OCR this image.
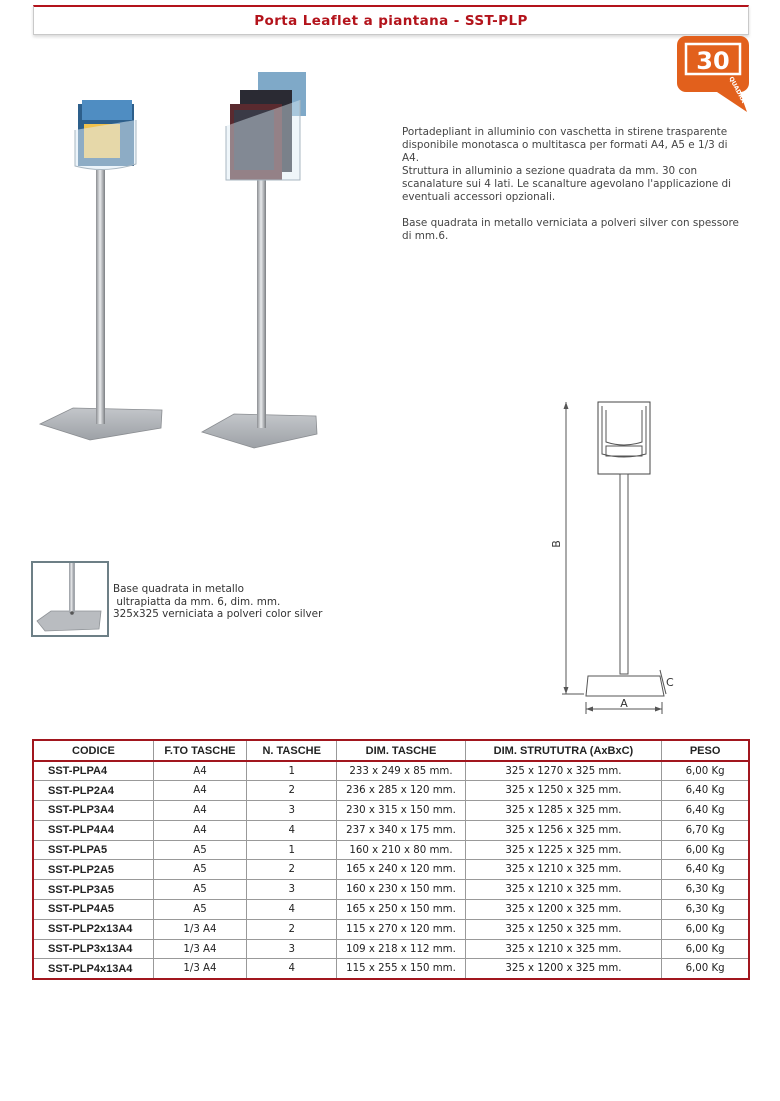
Porta Leaflet a piantana - SST-PLP
30
QUADRA

Portadepliant in alluminio con vaschetta in stirene trasparente
disponibile monotasca o multitasca per formati A4, A5 e 1/3 di
A4.
Struttura in alluminio a sezione quadrata da mm. 30 con
scanalature sui 4 lati. Le scanalture agevolano l'applicazione di
eventuali accessori opzionali.

Base quadrata in metallo verniciata a polveri silver con spessore
di mm.6.

B
A
C
Base quadrata in metallo
ultrapiatta da mm. 6, dim. mm.
325x325 verniciata a polveri color silver
CODICE	F.TO TASCHE	N. TASCHE	DIM. TASCHE	DIM. STRUTUTRA (AxBxC)	PESO
SST-PLPA4	A4	1	233 x 249 x 85 mm.	325 x 1270 x 325 mm.	6,00 Kg
SST-PLP2A4	A4	2	236 x 285 x 120 mm.	325 x 1250 x 325 mm.	6,40 Kg
SST-PLP3A4	A4	3	230 x 315 x 150 mm.	325 x 1285 x 325 mm.	6,40 Kg
SST-PLP4A4	A4	4	237 x 340 x 175 mm.	325 x 1256 x 325 mm.	6,70 Kg
SST-PLPA5	A5	1	160 x 210 x 80 mm.	325 x 1225 x 325 mm.	6,00 Kg
SST-PLP2A5	A5	2	165 x 240 x 120 mm.	325 x 1210 x 325 mm.	6,40 Kg
SST-PLP3A5	A5	3	160 x 230 x 150 mm.	325 x 1210 x 325 mm.	6,30 Kg
SST-PLP4A5	A5	4	165 x 250 x 150 mm.	325 x 1200 x 325 mm.	6,30 Kg
SST-PLP2x13A4	1/3 A4	2	115 x 270 x 120 mm.	325 x 1250 x 325 mm.	6,00 Kg
SST-PLP3x13A4	1/3 A4	3	109 x 218 x 112 mm.	325 x 1210 x 325 mm.	6,00 Kg
SST-PLP4x13A4	1/3 A4	4	115 x 255 x 150 mm.	325 x 1200 x 325 mm.	6,00 Kg
